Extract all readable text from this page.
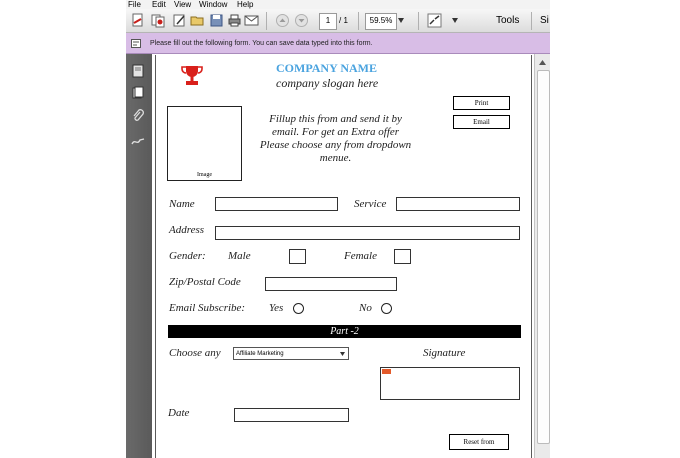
File Edit View Window Help
1	/ 1	59.5%	Tools Si
Please fill out the following form. You can save data typed into this form.
COMPANY NAME
company slogan here
Print
Email
Image
Fillup this from and send it by email. For get an Extra offer Please choose any from dropdown menue.
Name	Service
Address
Gender: Male	Female
Zip/Postal Code
Email Subscribe: Yes	No
Part -2
Choose any	Affiliate Marketing	Signature
Date
Reset from
